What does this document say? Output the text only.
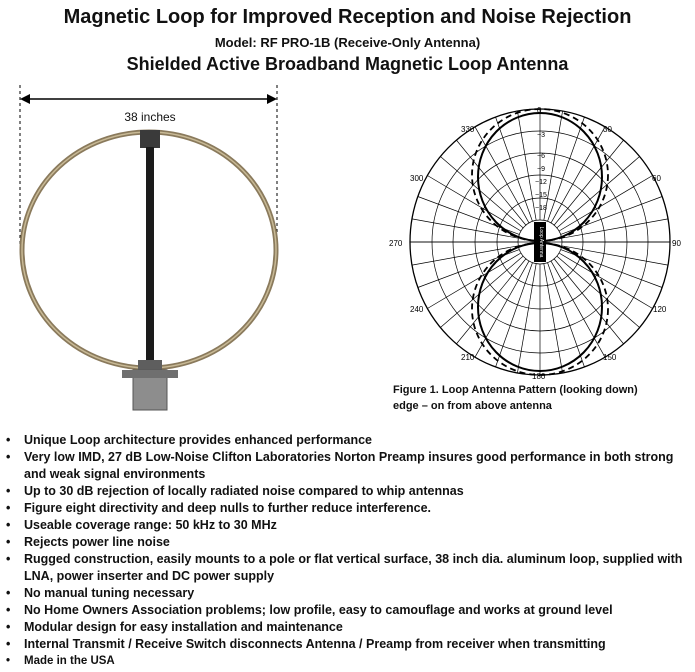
Magnetic Loop for Improved Reception and Noise Rejection
Model: RF PRO-1B (Receive-Only Antenna)
Shielded Active Broadband Magnetic Loop Antenna
38 inches
Loop Antenna
0
30
60
90
120
150
180
210
240
270
300
330
−3
−6
−9
−12
−15
−18
Figure 1. Loop Antenna Pattern (looking down)
edge – on from above antenna
• Unique Loop architecture provides enhanced performance
• Very low IMD, 27 dB Low-Noise Clifton Laboratories Norton Preamp insures good performance in both strong and weak signal environments
• Up to 30 dB rejection of locally radiated noise compared to whip antennas
• Figure eight directivity and deep nulls to further reduce interference.
• Useable coverage range: 50 kHz to 30 MHz
• Rejects power line noise
• Rugged construction, easily mounts to a pole or flat vertical surface, 38 inch dia. aluminum loop, supplied with LNA, power inserter and DC power supply
• No manual tuning necessary
• No Home Owners Association problems; low profile, easy to camouflage and works at ground level
• Modular design for easy installation and maintenance
• Internal Transmit / Receive Switch disconnects Antenna / Preamp from receiver when transmitting
• Made in the USA
